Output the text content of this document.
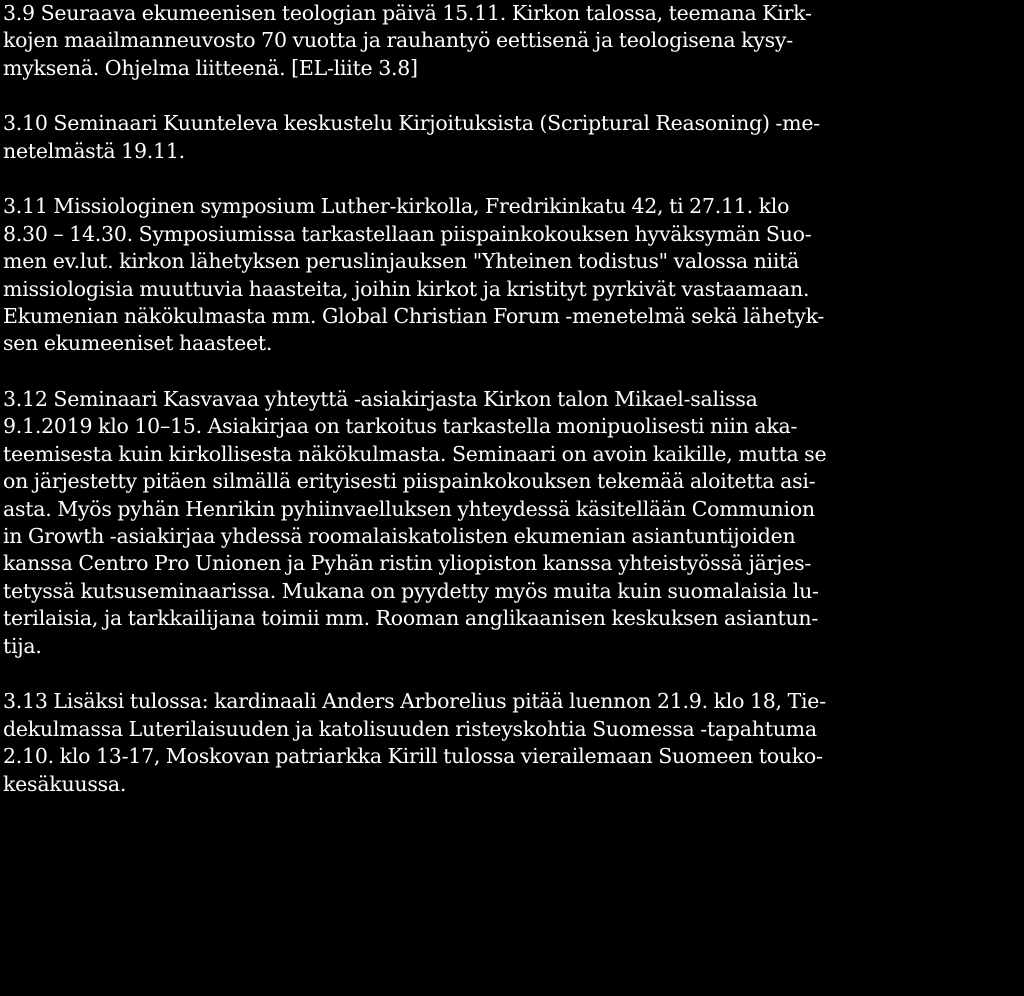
3.9 Seuraava ekumeenisen teologian päivä 15.11. Kirkon talossa, teemana Kirk-
kojen maailmanneuvosto 70 vuotta ja rauhantyö eettisenä ja teologisena kysy-
myksenä. Ohjelma liitteenä. [EL-liite 3.8]
3.10 Seminaari Kuunteleva keskustelu Kirjoituksista (Scriptural Reasoning) -me-
netelmästä 19.11.
3.11 Missiologinen symposium Luther-kirkolla, Fredrikinkatu 42, ti 27.11. klo
8.30 – 14.30. Symposiumissa tarkastellaan piispainkokouksen hyväksymän Suo-
men ev.lut. kirkon lähetyksen peruslinjauksen "Yhteinen todistus" valossa niitä
missiologisia muuttuvia haasteita, joihin kirkot ja kristityt pyrkivät vastaamaan.
Ekumenian näkökulmasta mm. Global Christian Forum -menetelmä sekä lähetyk-
sen ekumeeniset haasteet.
3.12 Seminaari Kasvavaa yhteyttä -asiakirjasta Kirkon talon Mikael-salissa
9.1.2019 klo 10–15. Asiakirjaa on tarkoitus tarkastella monipuolisesti niin aka-
teemisesta kuin kirkollisesta näkökulmasta. Seminaari on avoin kaikille, mutta se
on järjestetty pitäen silmällä erityisesti piispainkokouksen tekemää aloitetta asi-
asta. Myös pyhän Henrikin pyhiinvaelluksen yhteydessä käsitellään Communion
in Growth -asiakirjaa yhdessä roomalaiskatolisten ekumenian asiantuntijoiden
kanssa Centro Pro Unionen ja Pyhän ristin yliopiston kanssa yhteistyössä järjes-
tetyssä kutsuseminaarissa. Mukana on pyydetty myös muita kuin suomalaisia lu-
terilaisia, ja tarkkailijana toimii mm. Rooman anglikaanisen keskuksen asiantun-
tija.
3.13 Lisäksi tulossa: kardinaali Anders Arborelius pitää luennon 21.9. klo 18, Tie-
dekulmassa Luterilaisuuden ja katolisuuden risteyskohtia Suomessa -tapahtuma
2.10. klo 13-17, Moskovan patriarkka Kirill tulossa vierailemaan Suomeen touko-
kesäkuussa.
